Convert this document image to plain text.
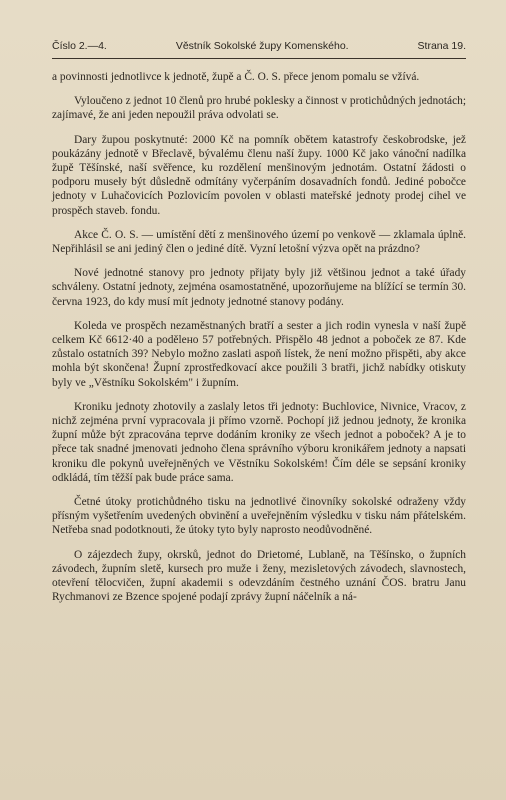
Číslo 2.—4.	Věstník Sokolské župy Komenského.	Strana 19.

a povinnosti jednotlivce k jednotě, župě a Č. O. S. přece jenom pomalu se vžívá.

Vyloučeno z jednot 10 členů pro hrubé poklesky a činnost v protichůdných jednotách; zajímavé, že ani jeden nepoužil práva odvolati se.

Dary župou poskytnuté: 2000 Kč na pomník obětem katastrofy českobrodske, jež poukázány jednotě v Břeclavě, bývalému členu naší župy. 1000 Kč jako vánoční nadílka župě Těšínské, naší svěřence, ku rozdělení menšinovým jednotám. Ostatní žádosti o podporu museły být důsledně odmítány vyčerpáním dosavadních fondů. Jediné pobočce jednoty v Luhačovicích Pozlovicím povolen v oblasti mateřské jednoty prodej cihel ve prospěch staveb. fondu.

Akce Č. O. S. — umístění dětí z menšinového území po venkově — zklamala úplně. Nepřihlásil se ani jediný člen o jediné dítě. Vyzní letošní výzva opět na prázdno?

Nové jednotné stanovy pro jednoty přijaty byly již většinou jednot a také úřady schváleny. Ostatní jednoty, zejména osamostatněné, upozorňujeme na blížící se termín 30. června 1923, do kdy musí mít jednoty jednotné stanovy podány.

Koleda ve prospěch nezaměstnaných bratří a sester a jich rodin vynesla v naší župě celkem Kč 6612·40 a podělено 57 potřebných. Přispělo 48 jednot a poboček ze 87. Kde zůstalo ostatních 39? Nebylo možno zaslati aspoň lístek, že není možno přispěti, aby akce mohla být skončena! Župní zprostředkovací akce použili 3 bratři, jichž nabídky otiskuty byly ve „Věstníku Sokolském" i župním.

Kroniku jednoty zhotovily a zaslaly letos tři jednoty: Buchlovice, Nivnice, Vracov, z nichž zejména první vypracovala ji přímo vzorně. Pochopí již jednou jednoty, že kronika župní může být zpracována teprve dodáním kroniky ze všech jednot a poboček? A je to přece tak snadné jmenovati jednoho člena správního výboru kronikářem jednoty a napsati kroniku dle pokynů uveřejněných ve Věstníku Sokolském! Čím déle se sepsání kroniky odkládá, tím těžší pak bude práce sama.

Četné útoky protichůdného tisku na jednotlivé činovníky sokolské odraženy vždy přísným vyšetřením uvedených obvinění a uveřejněním výsledku v tisku nám přátelském. Netřeba snad podotknouti, že útoky tyto byly naprosto neodůvodněné.

O zájezdech župy, okrsků, jednot do Drietomé, Lublaně, na Těšínsko, o župních závodech, župním sletě, kursech pro muže i ženy, mezisletových závodech, slavnostech, otevření tělocvičen, župní akademii s odevzdáním čestného uznání ČOS. bratru Janu Rychmanovi ze Bzence spojené podají zprávy župní náčelník a ná-
